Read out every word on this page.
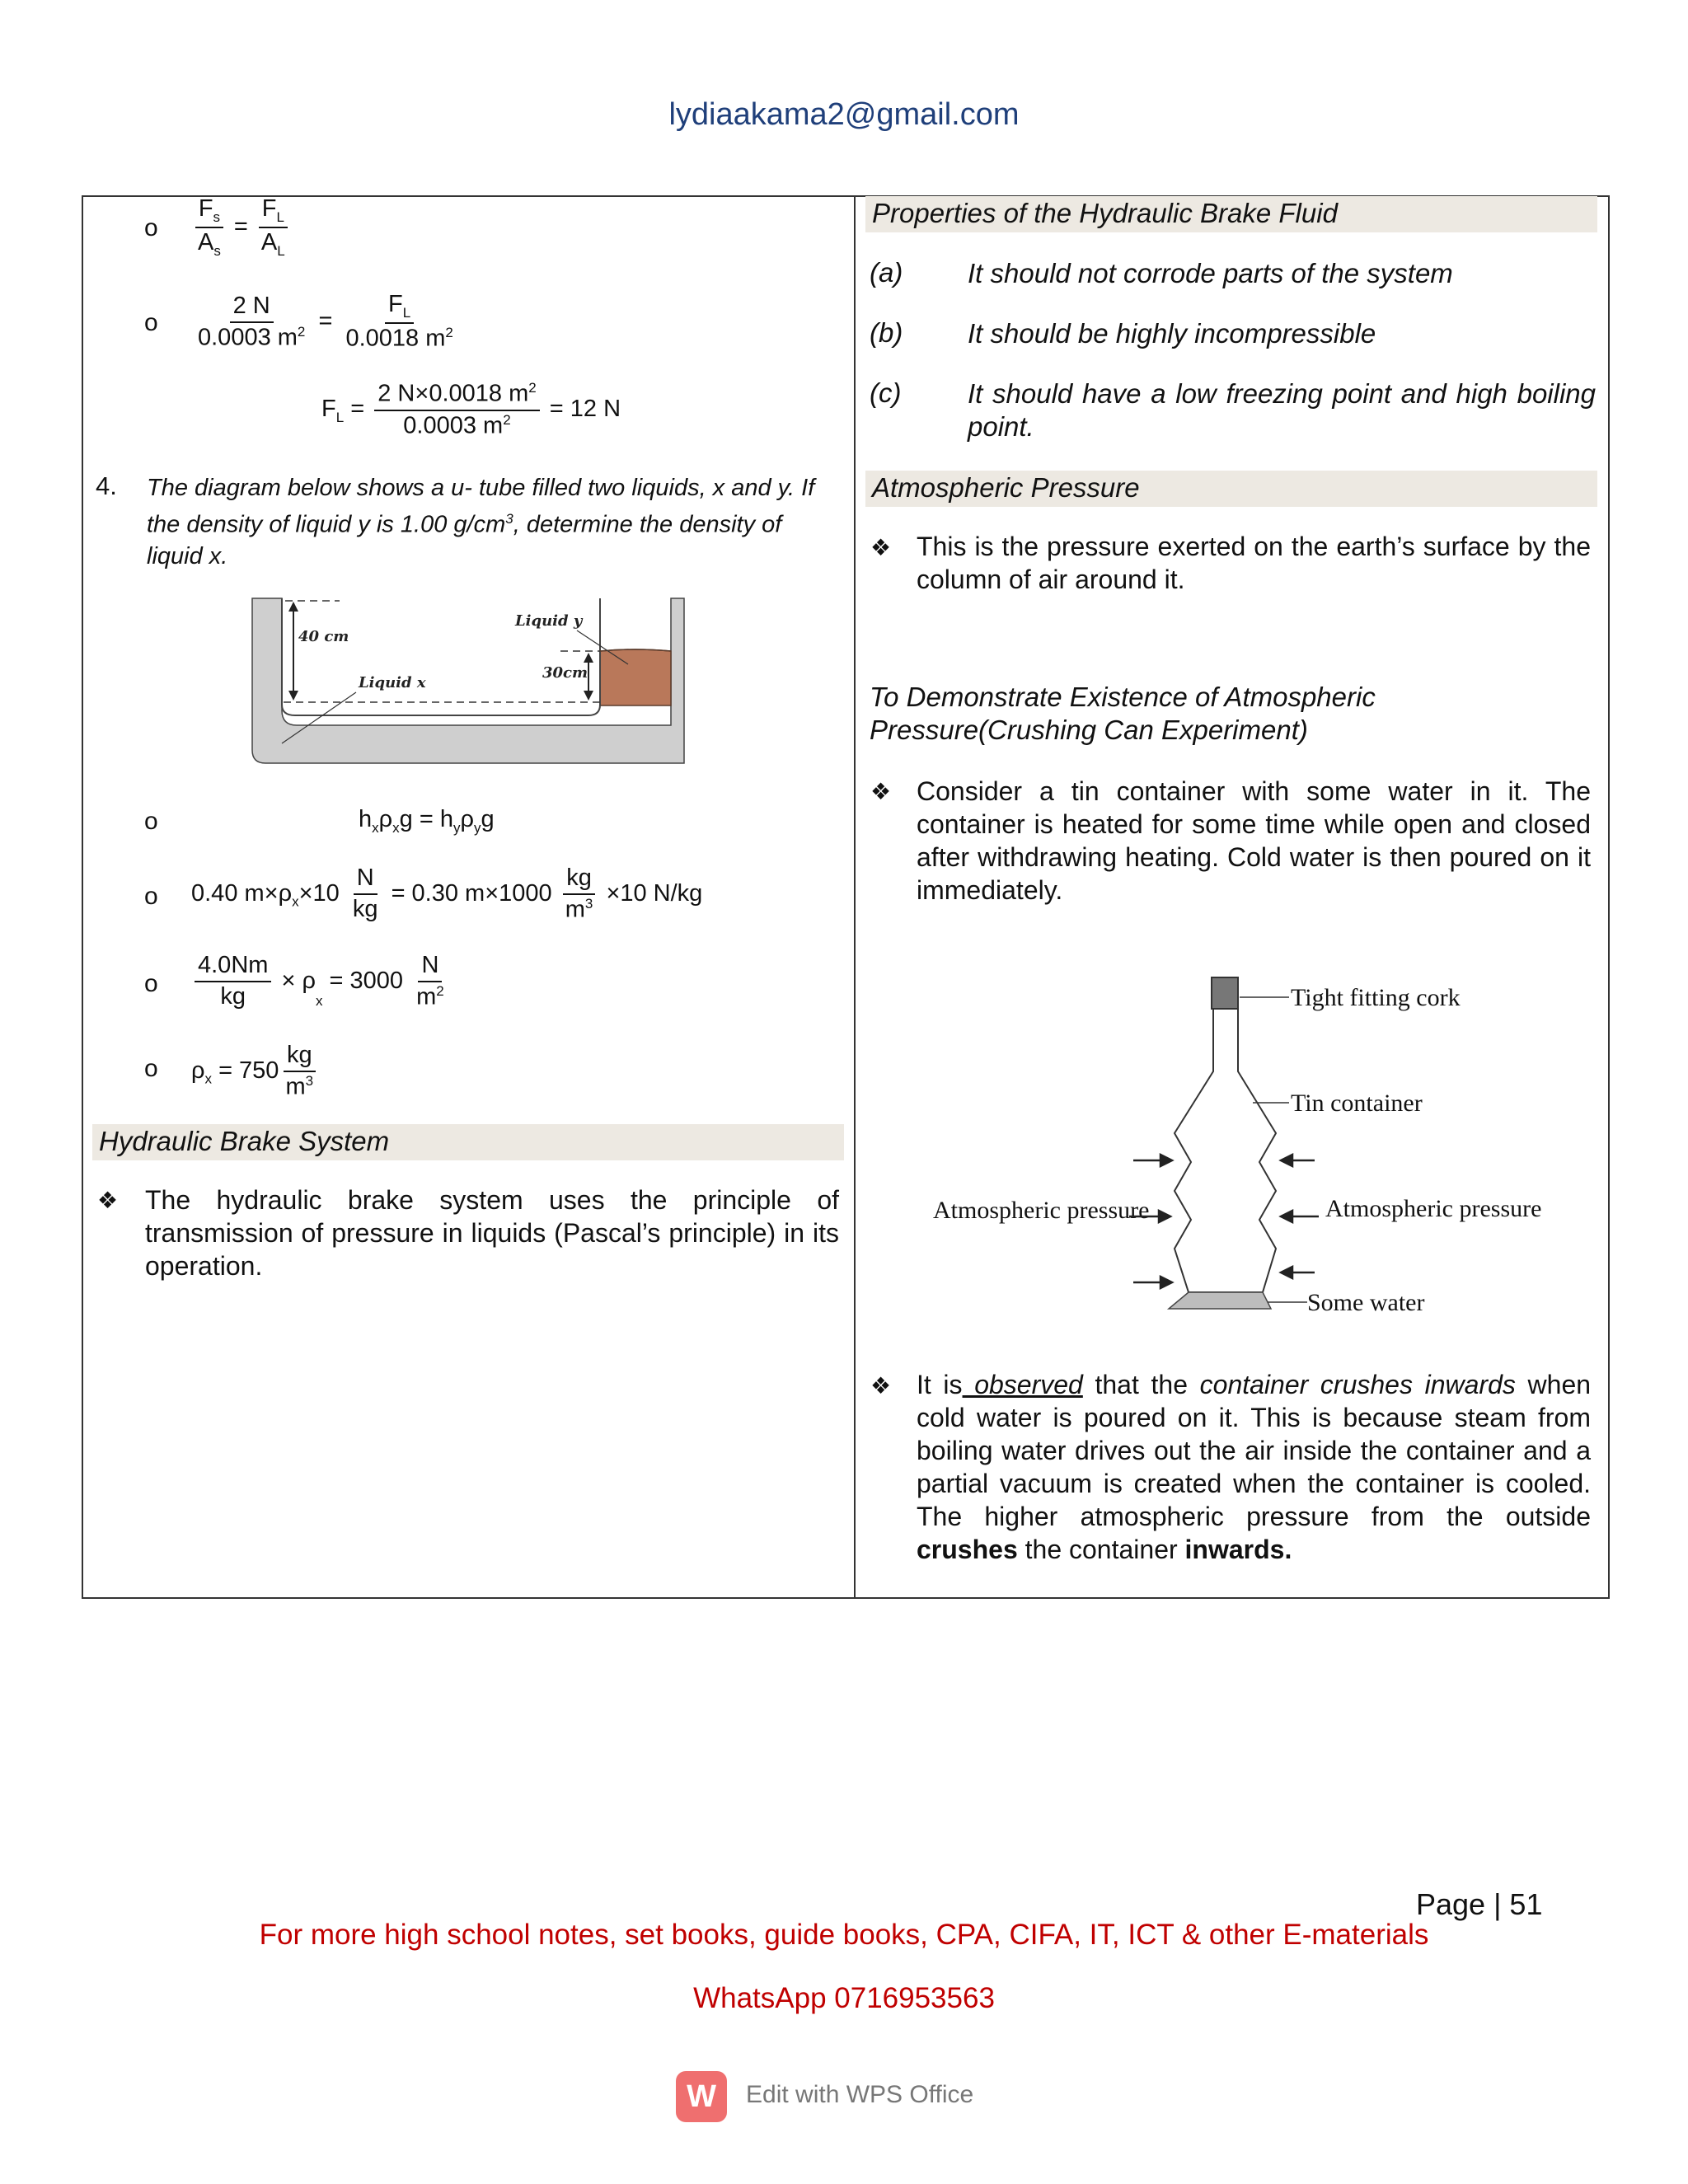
lydiaakama2@gmail.com
o $\frac{F_s}{A_s} = \frac{F_L}{A_L}$
o $\frac{2 N}{0.0003 m^2} = \frac{F_L}{0.0018 m^2}$
$F_L = \frac{2 N\times 0.0018 m^2}{0.0003 m^2} = 12$ N
4. The diagram below shows a u- tube filled two liquids, x and y. If the density of liquid y is 1.00 $g/cm^3$, determine the density of liquid x.
40 cm
30cm
Liquid y
Liquid x
o	$h_x\rho_xg = h_y\rho_yg$
o 0.40 $m\times\rho_x\times 10 \frac{N}{kg} = 0.30$ $m\times 1000 \frac{kg}{m^3} \times 10$ N/kg
o $\frac{4.0Nm}{kg} \times \rho_x = 3000 \frac{N}{m^2}$
o $\rho_x = 750 \frac{kg}{m^3}$
Hydraulic Brake System
❖ The hydraulic brake system uses the principle of transmission of pressure in liquids (Pascal’s principle) in its operation.
Properties of the Hydraulic Brake Fluid
(a) It should not corrode parts of the system
(b) It should be highly incompressible
(c) It should have a low freezing point and high boiling point.
Atmospheric Pressure
❖ This is the pressure exerted on the earth’s surface by the column of air around it.
To Demonstrate Existence of Atmospheric Pressure(Crushing Can Experiment)
❖ Consider a tin container with some water in it. The container is heated for some time while open and closed after withdrawing heating. Cold water is then poured on it immediately.
Tight fitting cork
Tin container
Atmospheric pressure	Atmospheric pressure
Some water
❖ It is observed that the container crushes inwards when cold water is poured on it. This is because steam from boiling water drives out the air inside the container and a partial vacuum is created when the container is cooled. The higher atmospheric pressure from the outside crushes the container inwards.
Page | 51
For more high school notes, set books, guide books, CPA, CIFA, IT, ICT & other E-materials
WhatsApp 0716953563
W	Edit with WPS Office
